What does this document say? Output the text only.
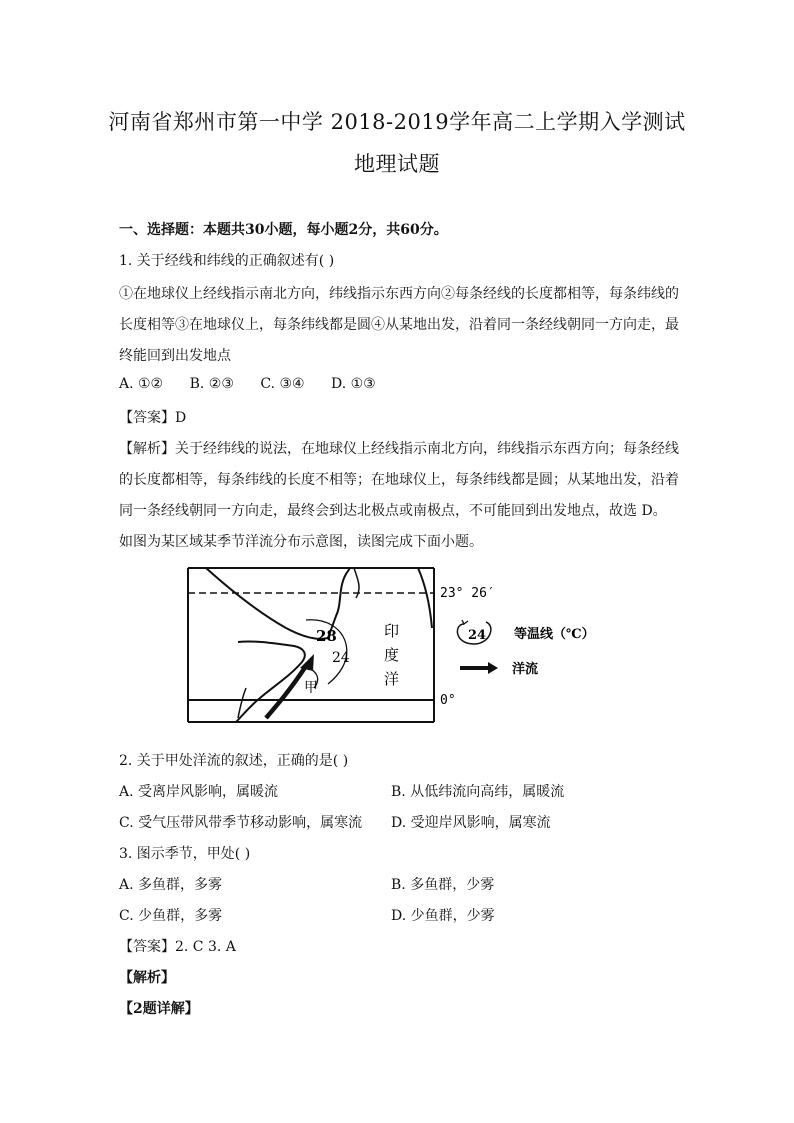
河南省郑州市第一中学 2018-2019学年高二上学期入学测试
地理试题
一、选择题：本题共30小题，每小题2分，共60分。
1. 关于经线和纬线的正确叙述有( )
①在地球仪上经线指示南北方向，纬线指示东西方向②每条经线的长度都相等，每条纬线的
长度相等③在地球仪上，每条纬线都是圆④从某地出发，沿着同一条经线朝同一方向走，最
终能回到出发地点
A. ①② B. ②③ C. ③④ D. ①③
【答案】D
【解析】关于经纬线的说法，在地球仪上经线指示南北方向，纬线指示东西方向；每条经线
的长度都相等，每条纬线的长度不相等；在地球仪上，每条纬线都是圆；从某地出发，沿着
同一条经线朝同一方向走，最终会到达北极点或南极点，不可能回到出发地点，故选 D。
如图为某区域某季节洋流分布示意图，读图完成下面小题。
28
24
甲
印
度
洋
23° 26′
0°
24 等温线（℃）
洋流
2. 关于甲处洋流的叙述，正确的是( )
A. 受离岸风影响，属暖流	B. 从低纬流向高纬，属暖流
C. 受气压带风带季节移动影响，属寒流 D. 受迎岸风影响，属寒流
3. 图示季节，甲处( )
A. 多鱼群，多雾	B. 多鱼群，少雾
C. 少鱼群，多雾	D. 少鱼群，少雾
【答案】2. C 3. A
【解析】
【2题详解】
